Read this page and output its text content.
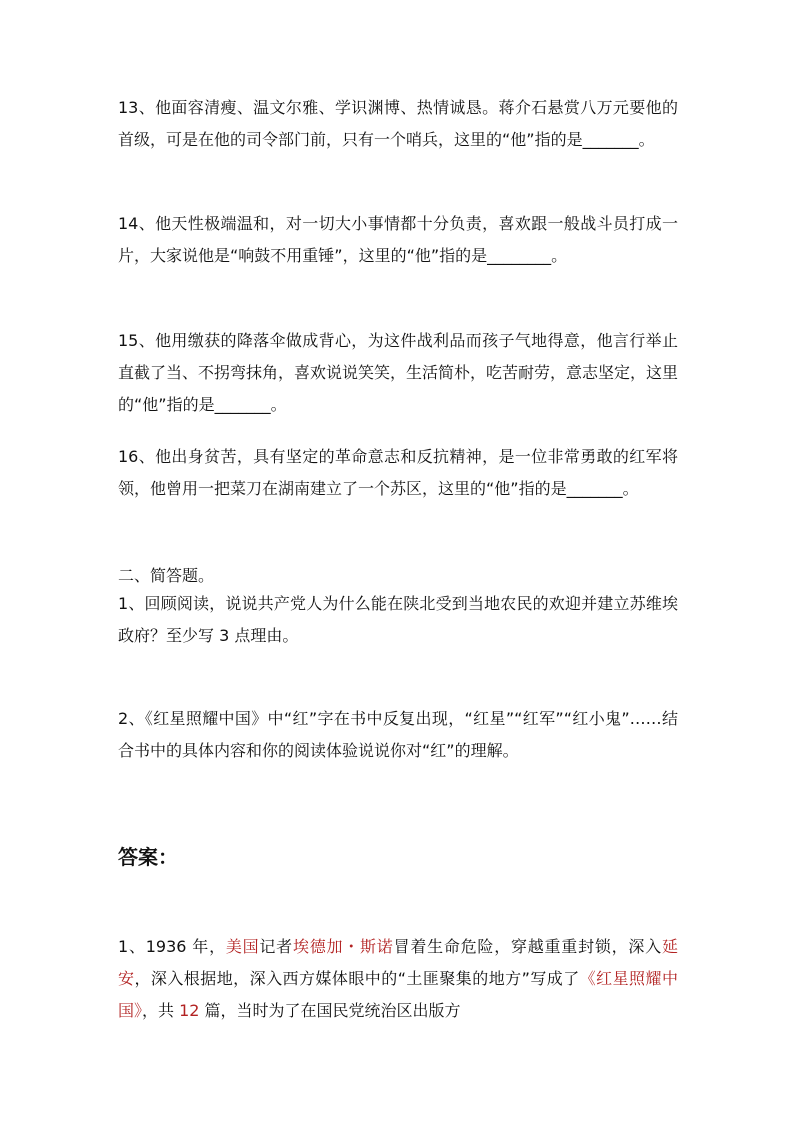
13、他面容清瘦、温文尔雅、学识渊博、热情诚恳。蒋介石悬赏八万元要他的首级，可是在他的司令部门前，只有一个哨兵，这里的“他”指的是_______。

14、他天性极端温和，对一切大小事情都十分负责，喜欢跟一般战斗员打成一片，大家说他是“响鼓不用重锤”，这里的“他”指的是________。

15、他用缴获的降落伞做成背心，为这件战利品而孩子气地得意，他言行举止直截了当、不拐弯抹角，喜欢说说笑笑，生活简朴，吃苦耐劳，意志坚定，这里的“他”指的是_______。

16、他出身贫苦，具有坚定的革命意志和反抗精神，是一位非常勇敢的红军将领，他曾用一把菜刀在湖南建立了一个苏区，这里的“他”指的是_______。

二、简答题。

1、回顾阅读，说说共产党人为什么能在陕北受到当地农民的欢迎并建立苏维埃政府？至少写 3 点理由。

2、《红星照耀中国》中“红”字在书中反复出现，“红星”“红军”“红小鬼”……结合书中的具体内容和你的阅读体验说说你对“红”的理解。

答案：

1、1936 年，美国记者埃德加・斯诺冒着生命危险，穿越重重封锁，深入延安，深入根据地，深入西方媒体眼中的“土匪聚集的地方”写成了《红星照耀中国》，共 12 篇，当时为了在国民党统治区出版方
